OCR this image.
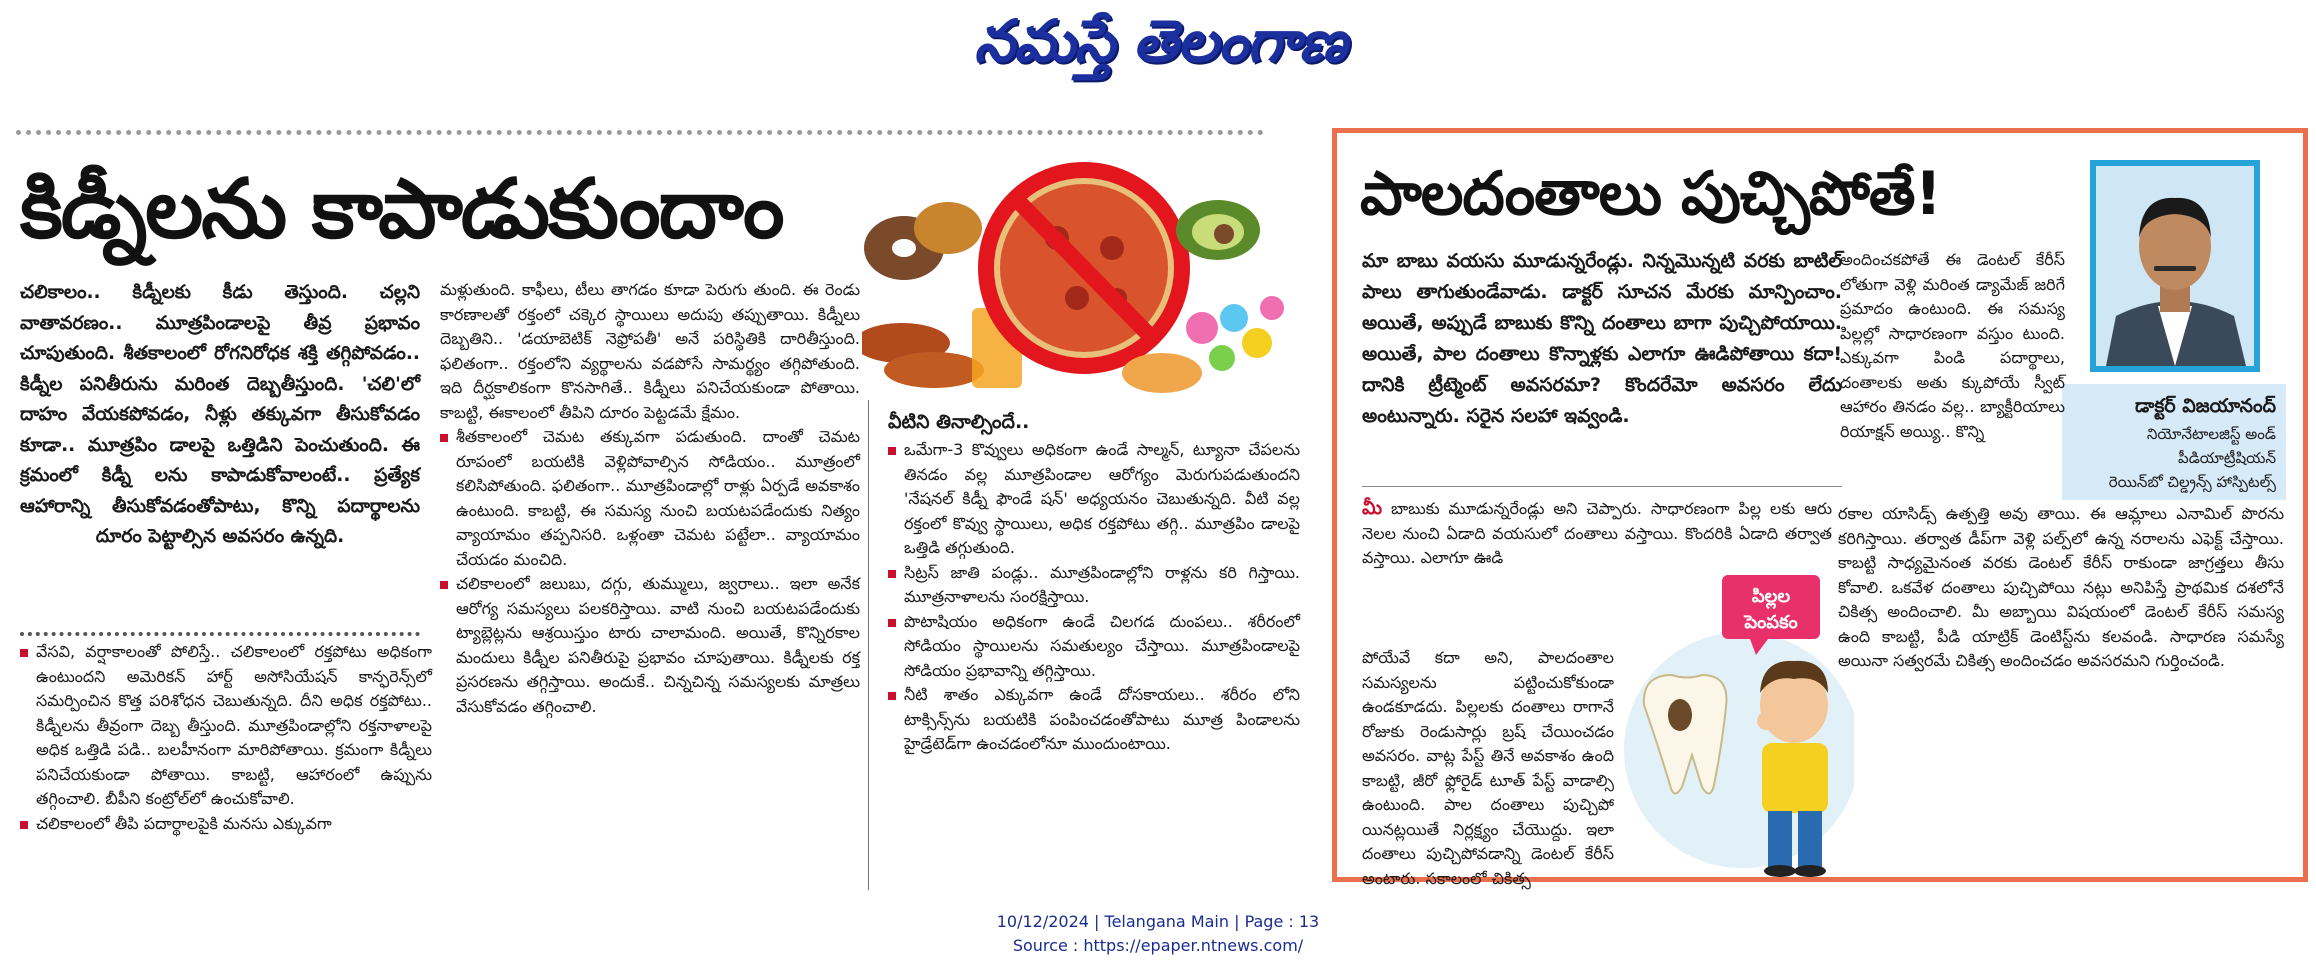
నమస్తే తెలంగాణ
కిడ్నీలను కాపాడుకుందాం

చలికాలం.. కిడ్నీలకు కీడు తెస్తుంది. చల్లని వాతావరణం.. మూత్రపిండాలపై తీవ్ర ప్రభావం చూపుతుంది. శీతకాలంలో రోగనిరోధక శక్తి తగ్గిపోవడం.. కిడ్నీల పనితీరును మరింత దెబ్బతీస్తుంది. 'చలి'లో దాహం వేయకపోవడం, నీళ్లు తక్కువగా తీసుకోవడం కూడా.. మూత్రపిం డాలపై ఒత్తిడిని పెంచుతుంది. ఈ క్రమంలో కిడ్నీ లను కాపాడుకోవాలంటే.. ప్రత్యేక ఆహారాన్ని తీసుకోవడంతోపాటు, కొన్ని పదార్థాలను దూరం పెట్టాల్సిన అవసరం ఉన్నది.

వేసవి, వర్షాకాలంతో పోలిస్తే.. చలికాలంలో రక్తపోటు అధికంగా ఉంటుందని అమెరికన్ హార్ట్ అసోసియేషన్ కాన్ఫరెన్స్‌లో సమర్పించిన కొత్త పరిశోధన చెబుతున్నది. దీని అధిక రక్తపోటు.. కిడ్నీలను తీవ్రంగా దెబ్బ తీస్తుంది. మూత్రపిండాల్లోని రక్తనాళాలపై అధిక ఒత్తిడి పడి.. బలహీనంగా మారిపోతాయి. క్రమంగా కిడ్నీలు పనిచేయకుండా పోతాయి. కాబట్టి, ఆహారంలో ఉప్పును తగ్గించాలి. బీపీని కంట్రోల్‌లో ఉంచుకోవాలి.

చలికాలంలో తీపి పదార్థాలపైకి మనసు ఎక్కువగా

మళ్లుతుంది. కాఫీలు, టీలు తాగడం కూడా పెరుగు తుంది. ఈ రెండు కారణాలతో రక్తంలో చక్కెర స్థాయిలు అదుపు తప్పుతాయి. కిడ్నీలు దెబ్బతిని.. 'డయాబెటిక్ నెఫ్రోపతీ' అనే పరిస్థితికి దారితీస్తుంది. ఫలితంగా.. రక్తంలోని వ్యర్థాలను వడపోసే సామర్థ్యం తగ్గిపోతుంది. ఇది దీర్ఘకాలికంగా కొనసాగితే.. కిడ్నీలు పనిచేయకుండా పోతాయి. కాబట్టి, ఈకాలంలో తీపిని దూరం పెట్టడమే క్షేమం.

శీతకాలంలో చెమట తక్కువగా పడుతుంది. దాంతో చెమట రూపంలో బయటికి వెళ్లిపోవాల్సిన సోడియం.. మూత్రంలో కలిసిపోతుంది. ఫలితంగా.. మూత్రపిండాల్లో రాళ్లు ఏర్పడే అవకాశం ఉంటుంది. కాబట్టి, ఈ సమస్య నుంచి బయటపడేందుకు నిత్యం వ్యాయామం తప్పనిసరి. ఒళ్లంతా చెమట పట్టేలా.. వ్యాయామం చేయడం మంచిది.

చలికాలంలో జలుబు, దగ్గు, తుమ్ములు, జ్వరాలు.. ఇలా అనేక ఆరోగ్య సమస్యలు పలకరిస్తాయి. వాటి నుంచి బయటపడేందుకు ట్యాబ్లెట్లను ఆశ్రయిస్తుం టారు చాలామంది. అయితే, కొన్నిరకాల మందులు కిడ్నీల పనితీరుపై ప్రభావం చూపుతాయి. కిడ్నీలకు రక్త ప్రసరణను తగ్గిస్తాయి. అందుకే.. చిన్నచిన్న సమస్యలకు మాత్రలు వేసుకోవడం తగ్గించాలి.

వీటిని తినాల్సిందే..

ఒమేగా-3 కొవ్వులు అధికంగా ఉండే సాల్మన్, ట్యూనా చేపలను తినడం వల్ల మూత్రపిండాల ఆరోగ్యం మెరుగుపడుతుందని 'నేషనల్ కిడ్నీ ఫౌండే షన్' అధ్యయనం చెబుతున్నది. వీటి వల్ల రక్తంలో కొవ్వు స్థాయిలు, అధిక రక్తపోటు తగ్గి.. మూత్రపిం డాలపై ఒత్తిడి తగ్గుతుంది.

సిట్రస్ జాతి పండ్లు.. మూత్రపిండాల్లోని రాళ్లను కరి గిస్తాయి. మూత్రనాళాలను సంరక్షిస్తాయి.

పొటాషియం అధికంగా ఉండే చిలగడ దుంపలు.. శరీరంలో సోడియం స్థాయిలను సమతుల్యం చేస్తాయి. మూత్రపిండాలపై సోడియం ప్రభావాన్ని తగ్గిస్తాయి.

నీటి శాతం ఎక్కువగా ఉండే దోసకాయలు.. శరీరం లోని టాక్సిన్స్‌ను బయటికి పంపించడంతోపాటు మూత్ర పిండాలను హైడ్రేటెడ్‌గా ఉంచడంలోనూ ముందుంటాయి.

పాలదంతాలు పుచ్చిపోతే!
డాక్టర్ విజయానంద్
నియోనేటాలజిస్ట్ అండ్
పీడియాట్రీషియన్
రెయిన్‌బో చిల్డ్రన్స్ హాస్పిటల్స్

మా బాబు వయసు మూడున్నరేండ్లు. నిన్నమొన్నటి వరకు బాటిల్ పాలు తాగుతుండేవాడు. డాక్టర్ సూచన మేరకు మాన్పించాం. అయితే, అప్పుడే బాబుకు కొన్ని దంతాలు బాగా పుచ్చిపోయాయి. అయితే, పాల దంతాలు కొన్నాళ్లకు ఎలాగూ ఊడిపోతాయి కదా! దానికి ట్రీట్మెంట్ అవసరమా? కొందరేమో అవసరం లేదు అంటున్నారు. సరైన సలహా ఇవ్వండి.

మీ బాబుకు మూడున్నరేండ్లు అని చెప్పారు. సాధారణంగా పిల్ల లకు ఆరు నెలల నుంచి ఏడాది వయసులో దంతాలు వస్తాయి. కొందరికి ఏడాది తర్వాత వస్తాయి. ఎలాగూ ఊడి

పోయేవే కదా అని, పాలదంతాల సమస్యలను పట్టించుకోకుండా ఉండకూడదు. పిల్లలకు దంతాలు రాగానే రోజుకు రెండుసార్లు బ్రష్ చేయించడం అవసరం. వాట్ల పేస్ట్ తినే అవకాశం ఉంది కాబట్టి, జీరో ఫ్లోరైడ్ టూత్ పేస్ట్ వాడాల్సి ఉంటుంది. పాల దంతాలు పుచ్చిపో యినట్లయితే నిర్లక్ష్యం చేయొద్దు. ఇలా దంతాలు పుచ్చిపోవడాన్ని డెంటల్ కేరీస్ అంటారు. సకాలంలో చికిత్స

అందించకపోతే ఈ డెంటల్ కేరీస్ లోతుగా వెళ్లి మరింత డ్యామేజ్ జరిగే ప్రమాదం ఉంటుంది. ఈ సమస్య పిల్లల్లో సాధారణంగా వస్తుం టుంది. ఎక్కువగా పిండి పదార్థాలు, దంతాలకు అతు క్కుపోయే స్వీట్ ఆహారం తినడం వల్ల.. బ్యాక్టీరియాలు రియాక్షన్ అయ్యి.. కొన్ని

రకాల యాసిడ్స్ ఉత్పత్తి అవు తాయి. ఈ ఆమ్లాలు ఎనామిల్ పొరను కరిగిస్తాయి. తర్వాత డీప్‌గా వెళ్లి పల్ప్‌లో ఉన్న నరాలను ఎఫెక్ట్ చేస్తాయి. కాబట్టి సాధ్యమైనంత వరకు డెంటల్ కేరీస్ రాకుండా జాగ్రత్తలు తీసు కోవాలి. ఒకవేళ దంతాలు పుచ్చిపోయి నట్లు అనిపిస్తే ప్రాథమిక దశలోనే చికిత్స అందించాలి. మీ అబ్బాయి విషయంలో డెంటల్ కేరీస్ సమస్య ఉంది కాబట్టి, పీడి యాట్రిక్ డెంటిస్ట్‌ను కలవండి. సాధారణ సమస్యే అయినా సత్వరమే చికిత్స అందించడం అవసరమని గుర్తించండి.

పిల్లల
పెంపకం
10/12/2024 | Telangana Main | Page : 13
Source : https://epaper.ntnews.com/
